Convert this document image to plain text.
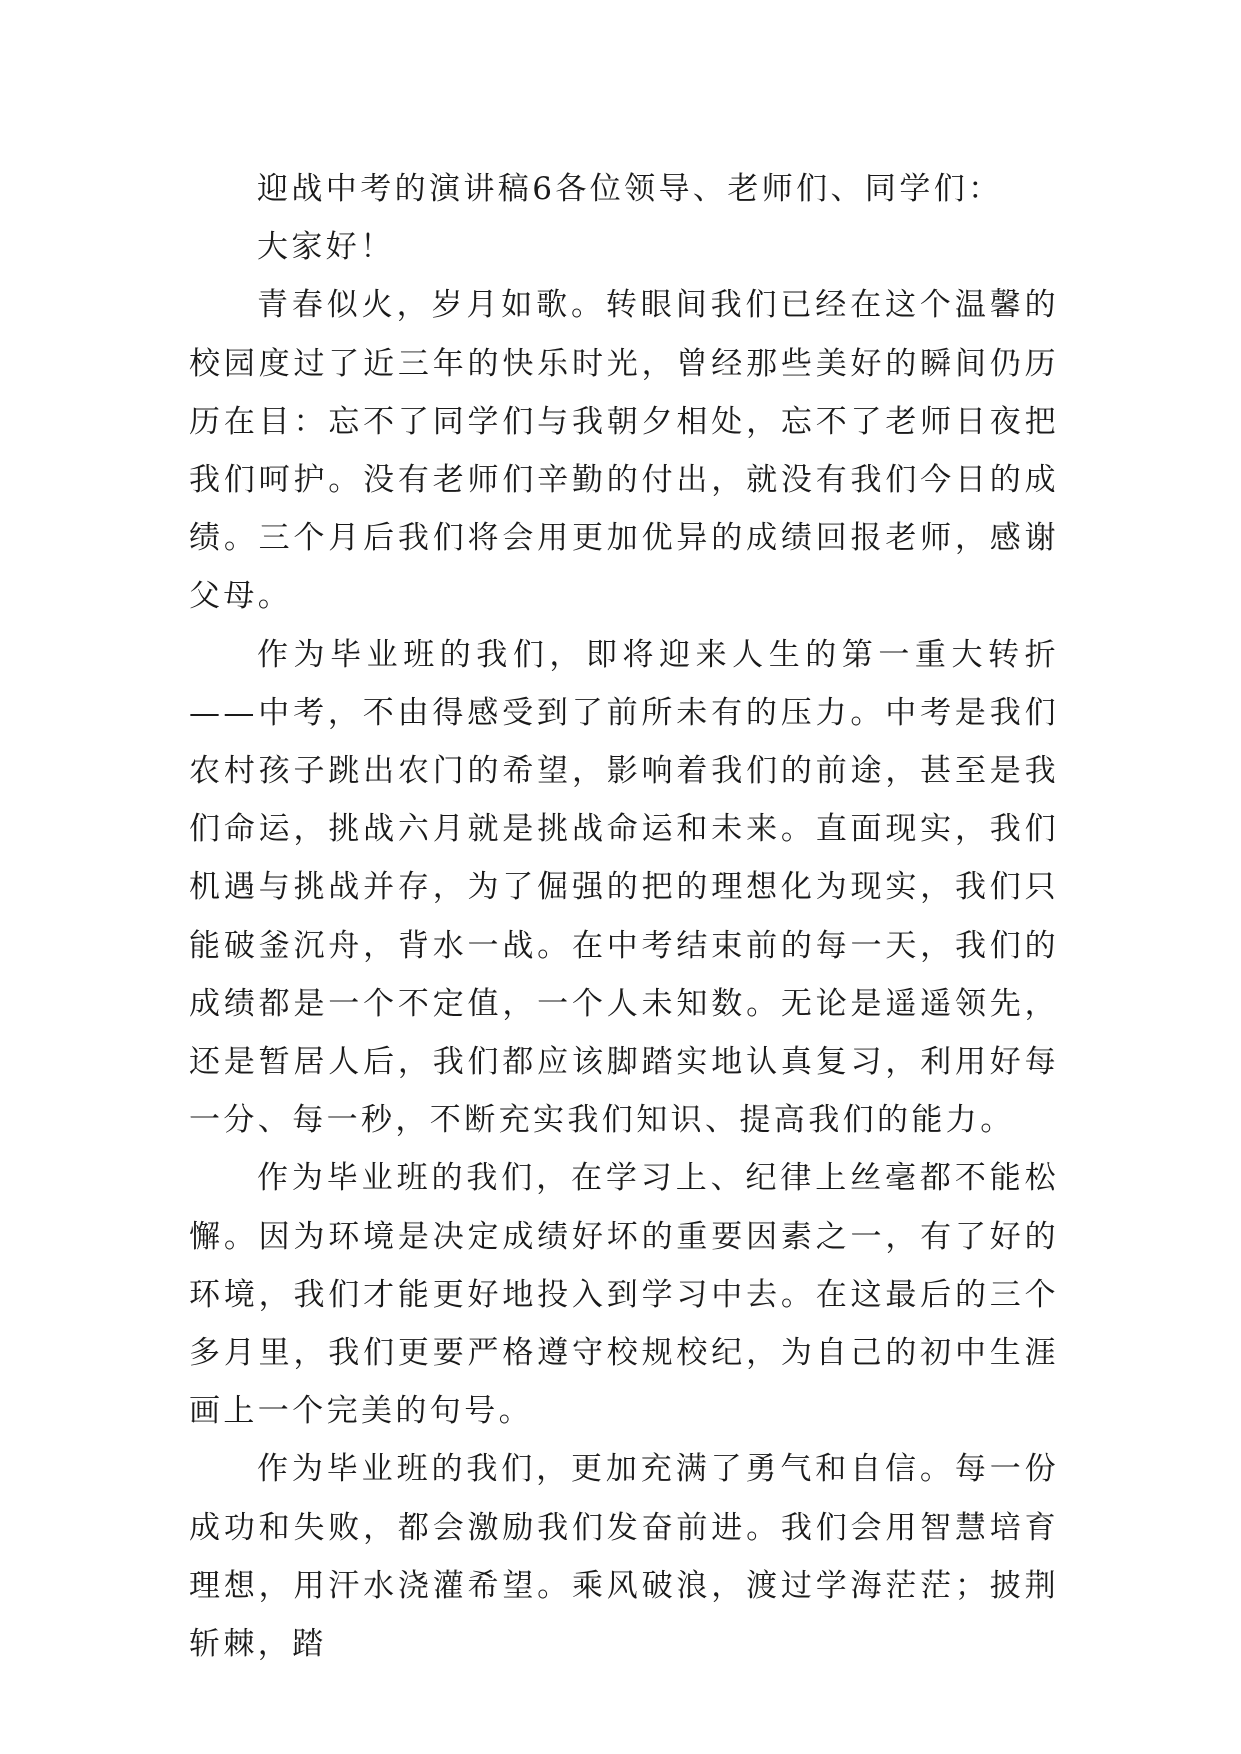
迎战中考的演讲稿6各位领导、老师们、同学们：

大家好！

青春似火，岁月如歌。转眼间我们已经在这个温馨的校园度过了近三年的快乐时光，曾经那些美好的瞬间仍历历在目：忘不了同学们与我朝夕相处，忘不了老师日夜把我们呵护。没有老师们辛勤的付出，就没有我们今日的成绩。三个月后我们将会用更加优异的成绩回报老师，感谢父母。

作为毕业班的我们，即将迎来人生的第一重大转折——中考，不由得感受到了前所未有的压力。中考是我们农村孩子跳出农门的希望，影响着我们的前途，甚至是我们命运，挑战六月就是挑战命运和未来。直面现实，我们机遇与挑战并存，为了倔强的把的理想化为现实，我们只能破釜沉舟，背水一战。在中考结束前的每一天，我们的成绩都是一个不定值，一个人未知数。无论是遥遥领先，还是暂居人后，我们都应该脚踏实地认真复习，利用好每一分、每一秒，不断充实我们知识、提高我们的能力。

作为毕业班的我们，在学习上、纪律上丝毫都不能松懈。因为环境是决定成绩好坏的重要因素之一，有了好的环境，我们才能更好地投入到学习中去。在这最后的三个多月里，我们更要严格遵守校规校纪，为自己的初中生涯画上一个完美的句号。

作为毕业班的我们，更加充满了勇气和自信。每一份成功和失败，都会激励我们发奋前进。我们会用智慧培育理想，用汗水浇灌希望。乘风破浪，渡过学海茫茫；披荆斩棘，踏
